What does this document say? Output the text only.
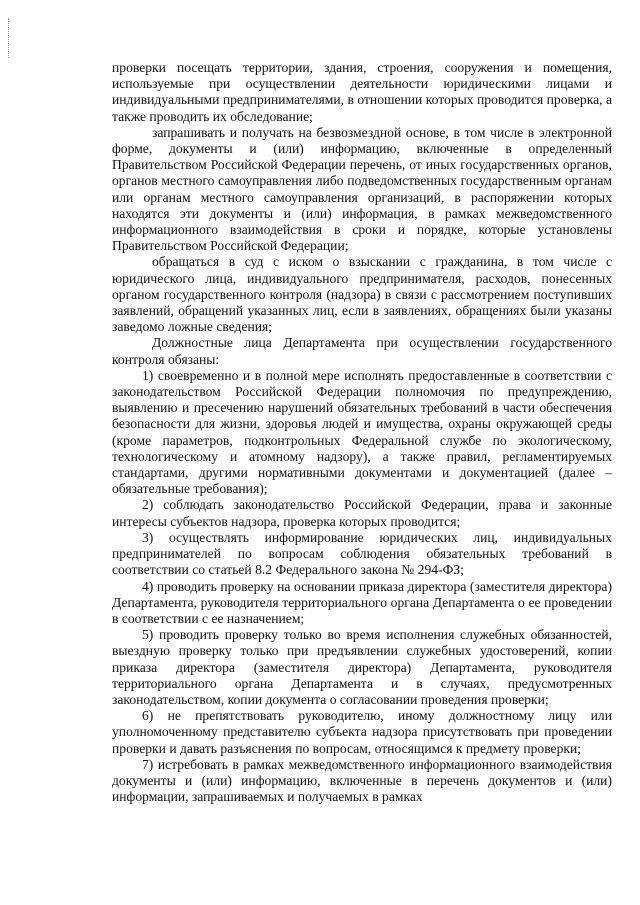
проверки посещать территории, здания, строения, сооружения и помещения, используемые при осуществлении деятельности юридическими лицами и индивидуальными предпринимателями, в отношении которых проводится проверка, а также проводить их обследование;

запрашивать и получать на безвозмездной основе, в том числе в электронной форме, документы и (или) информацию, включенные в определенный Правительством Российской Федерации перечень, от иных государственных органов, органов местного самоуправления либо подведомственных государственным органам или органам местного самоуправления организаций, в распоряжении которых находятся эти документы и (или) информация, в рамках межведомственного информационного взаимодействия в сроки и порядке, которые установлены Правительством Российской Федерации;

обращаться в суд с иском о взыскании с гражданина, в том числе с юридического лица, индивидуального предпринимателя, расходов, понесенных органом государственного контроля (надзора) в связи с рассмотрением поступивших заявлений, обращений указанных лиц, если в заявлениях, обращениях были указаны заведомо ложные сведения;

Должностные лица Департамента при осуществлении государственного контроля обязаны:

1) своевременно и в полной мере исполнять предоставленные в соответствии с законодательством Российской Федерации полномочия по предупреждению, выявлению и пресечению нарушений обязательных требований в части обеспечения безопасности для жизни, здоровья людей и имущества, охраны окружающей среды (кроме параметров, подконтрольных Федеральной службе по экологическому, технологическому и атомному надзору), а также правил, регламентируемых стандартами, другими нормативными документами и документацией (далее – обязательные требования);

2) соблюдать законодательство Российской Федерации, права и законные интересы субъектов надзора, проверка которых проводится;

3) осуществлять информирование юридических лиц, индивидуальных предпринимателей по вопросам соблюдения обязательных требований в соответствии со статьей 8.2 Федерального закона № 294-ФЗ;

4) проводить проверку на основании приказа директора (заместителя директора) Департамента, руководителя территориального органа Департамента о ее проведении в соответствии с ее назначением;

5) проводить проверку только во время исполнения служебных обязанностей, выездную проверку только при предъявлении служебных удостоверений, копии приказа директора (заместителя директора) Департамента, руководителя территориального органа Департамента и в случаях, предусмотренных законодательством, копии документа о согласовании проведения проверки;

6) не препятствовать руководителю, иному должностному лицу или уполномоченному представителю субъекта надзора присутствовать при проведении проверки и давать разъяснения по вопросам, относящимся к предмету проверки;

7) истребовать в рамках межведомственного информационного взаимодействия документы и (или) информацию, включенные в перечень документов и (или) информации, запрашиваемых и получаемых в рамках
